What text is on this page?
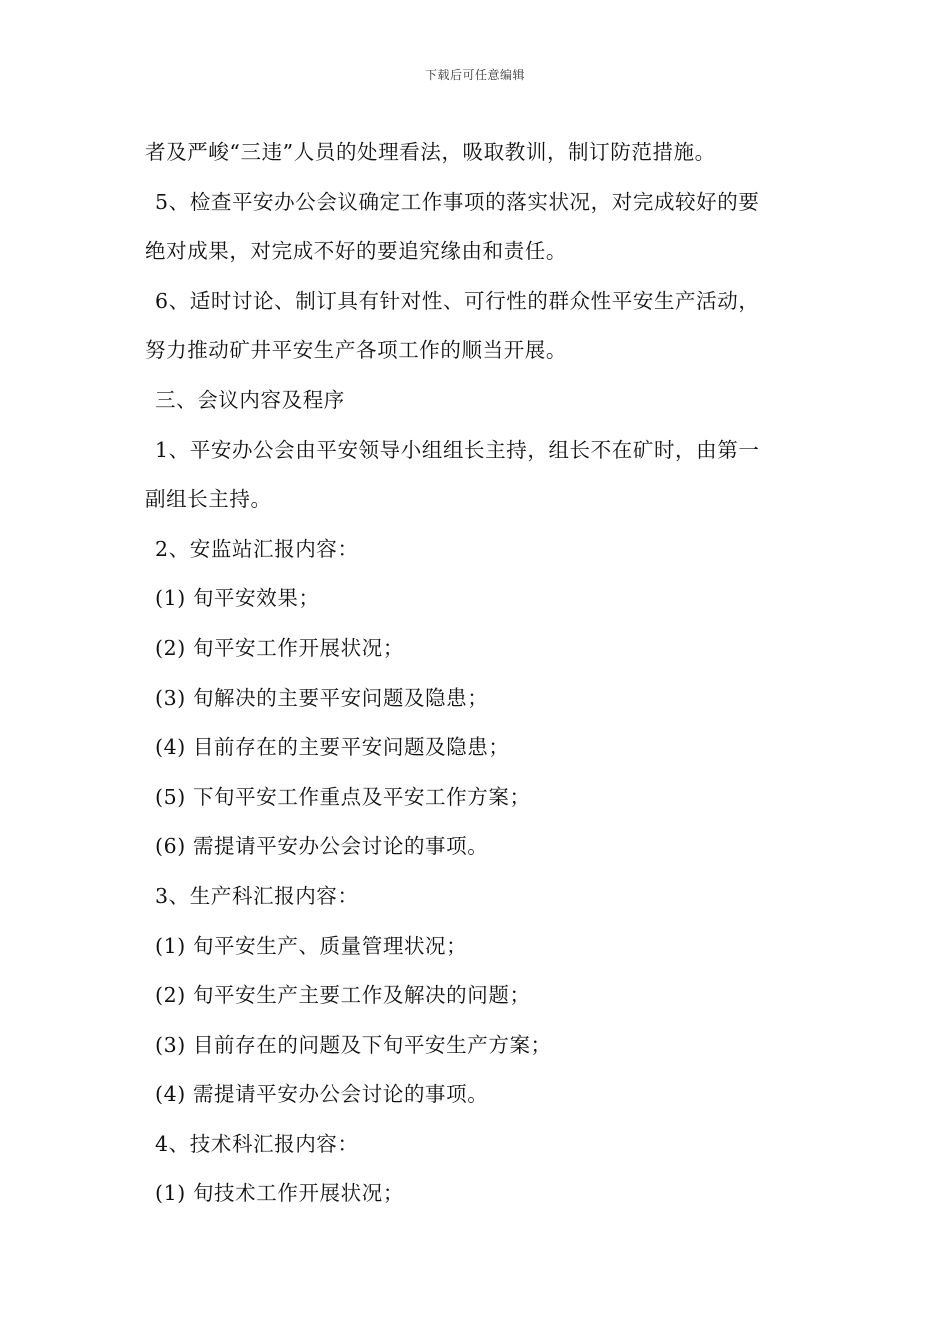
下载后可任意编辑
者及严峻“三违”人员的处理看法，吸取教训，制订防范措施。
5、检查平安办公会议确定工作事项的落实状况，对完成较好的要
绝对成果，对完成不好的要追究缘由和责任。
6、适时讨论、制订具有针对性、可行性的群众性平安生产活动，
努力推动矿井平安生产各项工作的顺当开展。
三、会议内容及程序
1、平安办公会由平安领导小组组长主持，组长不在矿时，由第一
副组长主持。
2、安监站汇报内容：
(1) 旬平安效果；
(2) 旬平安工作开展状况；
(3) 旬解决的主要平安问题及隐患；
(4) 目前存在的主要平安问题及隐患；
(5) 下旬平安工作重点及平安工作方案；
(6) 需提请平安办公会讨论的事项。
3、生产科汇报内容：
(1) 旬平安生产、质量管理状况；
(2) 旬平安生产主要工作及解决的问题；
(3) 目前存在的问题及下旬平安生产方案；
(4) 需提请平安办公会讨论的事项。
4、技术科汇报内容：
(1) 旬技术工作开展状况；
